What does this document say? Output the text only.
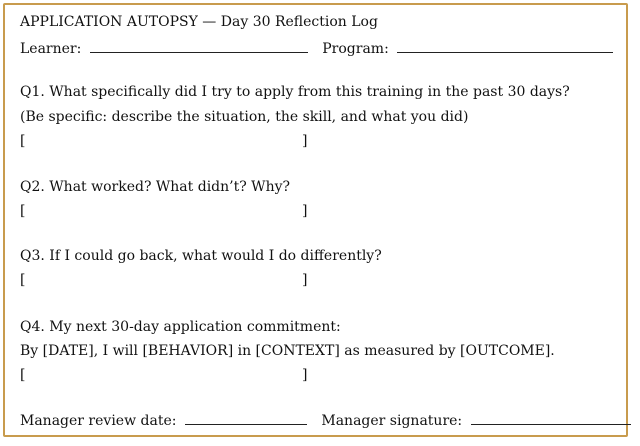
APPLICATION AUTOPSY — Day 30 Reflection Log
Learner:	Program:
Q1. What specifically did I try to apply from this training in the past 30 days?
(Be specific: describe the situation, the skill, and what you did)
[	]
Q2. What worked? What didn’t? Why?
[	]
Q3. If I could go back, what would I do differently?
[	]
Q4. My next 30-day application commitment:
By [DATE], I will [BEHAVIOR] in [CONTEXT] as measured by [OUTCOME].
[	]
Manager review date:	Manager signature:
